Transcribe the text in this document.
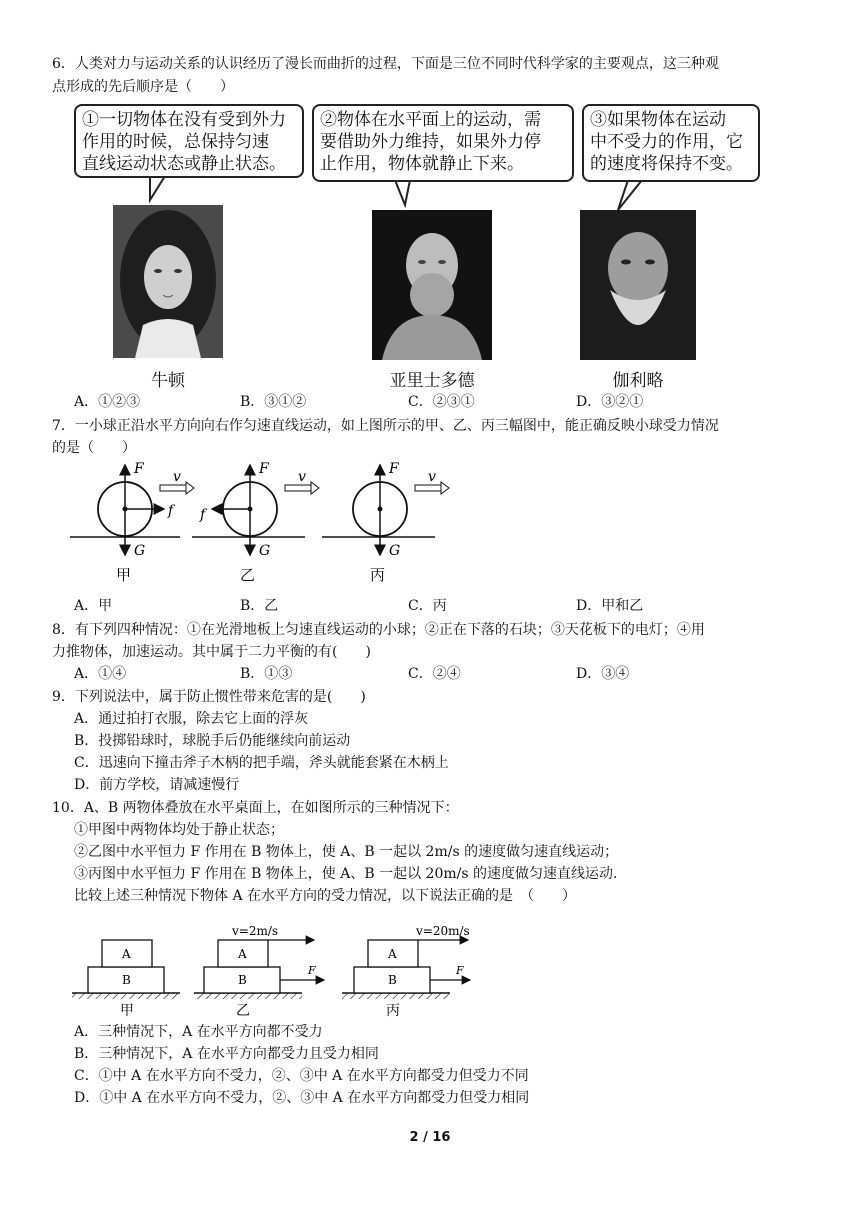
6．人类对力与运动关系的认识经历了漫长而曲折的过程，下面是三位不同时代科学家的主要观点，这三种观
点形成的先后顺序是（　　）
①一切物体在没有受到外力
作用的时候，总保持匀速
直线运动状态或静止状态。
②物体在水平面上的运动，需
要借助外力维持，如果外力停
止作用，物体就静止下来。
③如果物体在运动
中不受力的作用，它
的速度将保持不变。
牛顿	亚里士多德	伽利略
A．①②③	B．③①②	C．②③①	D．③②①
7．一小球正沿水平方向向右作匀速直线运动，如上图所示的甲、乙、丙三幅图中，能正确反映小球受力情况
的是（　　）
F
G
f
v
甲
F
G
f
v
乙
F
G
v
丙
A．甲	B．乙	C．丙	D．甲和乙
8．有下列四种情况：①在光滑地板上匀速直线运动的小球；②正在下落的石块；③天花板下的电灯；④用
力推物体，加速运动。其中属于二力平衡的有(　　)
A．①④	B．①③	C．②④	D．③④
9．下列说法中，属于防止惯性带来危害的是(　　)
A．通过拍打衣服，除去它上面的浮灰
B．投掷铅球时，球脱手后仍能继续向前运动
C．迅速向下撞击斧子木柄的把手端，斧头就能套紧在木柄上
D．前方学校，请减速慢行
10．A、B 两物体叠放在水平桌面上，在如图所示的三种情况下：
①甲图中两物体均处于静止状态；
②乙图中水平恒力 F 作用在 B 物体上，使 A、B 一起以 2m/s 的速度做匀速直线运动；
③丙图中水平恒力 F 作用在 B 物体上，使 A、B 一起以 20m/s 的速度做匀速直线运动．
比较上述三种情况下物体 A 在水平方向的受力情况，以下说法正确的是　（　　）
A
B
甲
A
B
v=2m/s
F
乙
A
B
v=20m/s
F
丙
A．三种情况下，A 在水平方向都不受力
B．三种情况下，A 在水平方向都受力且受力相同
C．①中 A 在水平方向不受力，②、③中 A 在水平方向都受力但受力不同
D．①中 A 在水平方向不受力，②、③中 A 在水平方向都受力但受力相同
2 / 16
